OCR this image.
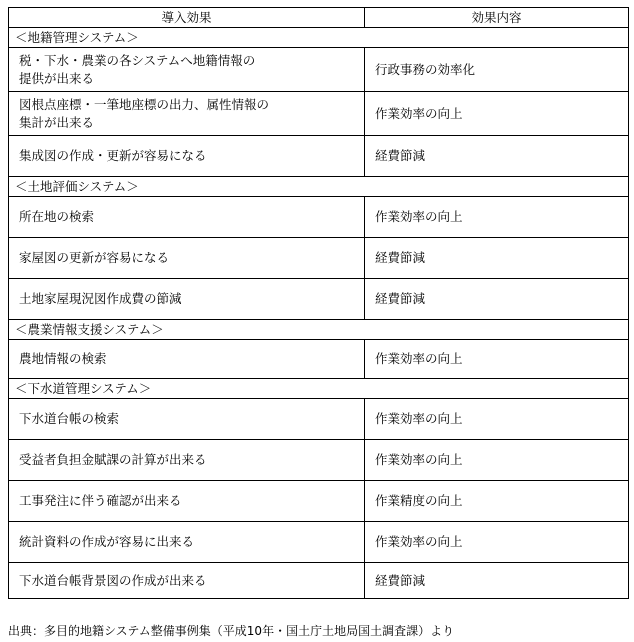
導入効果	効果内容
＜地籍管理システム＞	
税・下水・農業の各システムへ地籍情報の
提供が出来る	行政事務の効率化
図根点座標・一筆地座標の出力、属性情報の
集計が出来る	作業効率の向上
集成図の作成・更新が容易になる	経費節減
＜土地評価システム＞	
所在地の検索	作業効率の向上
家屋図の更新が容易になる	経費節減
土地家屋現況図作成費の節減	経費節減
＜農業情報支援システム＞	
農地情報の検索	作業効率の向上
＜下水道管理システム＞	
下水道台帳の検索	作業効率の向上
受益者負担金賦課の計算が出来る	作業効率の向上
工事発注に伴う確認が出来る	作業精度の向上
統計資料の作成が容易に出来る	作業効率の向上
下水道台帳背景図の作成が出来る	経費節減
出典：多目的地籍システム整備事例集（平成10年・国土庁土地局国土調査課）より
